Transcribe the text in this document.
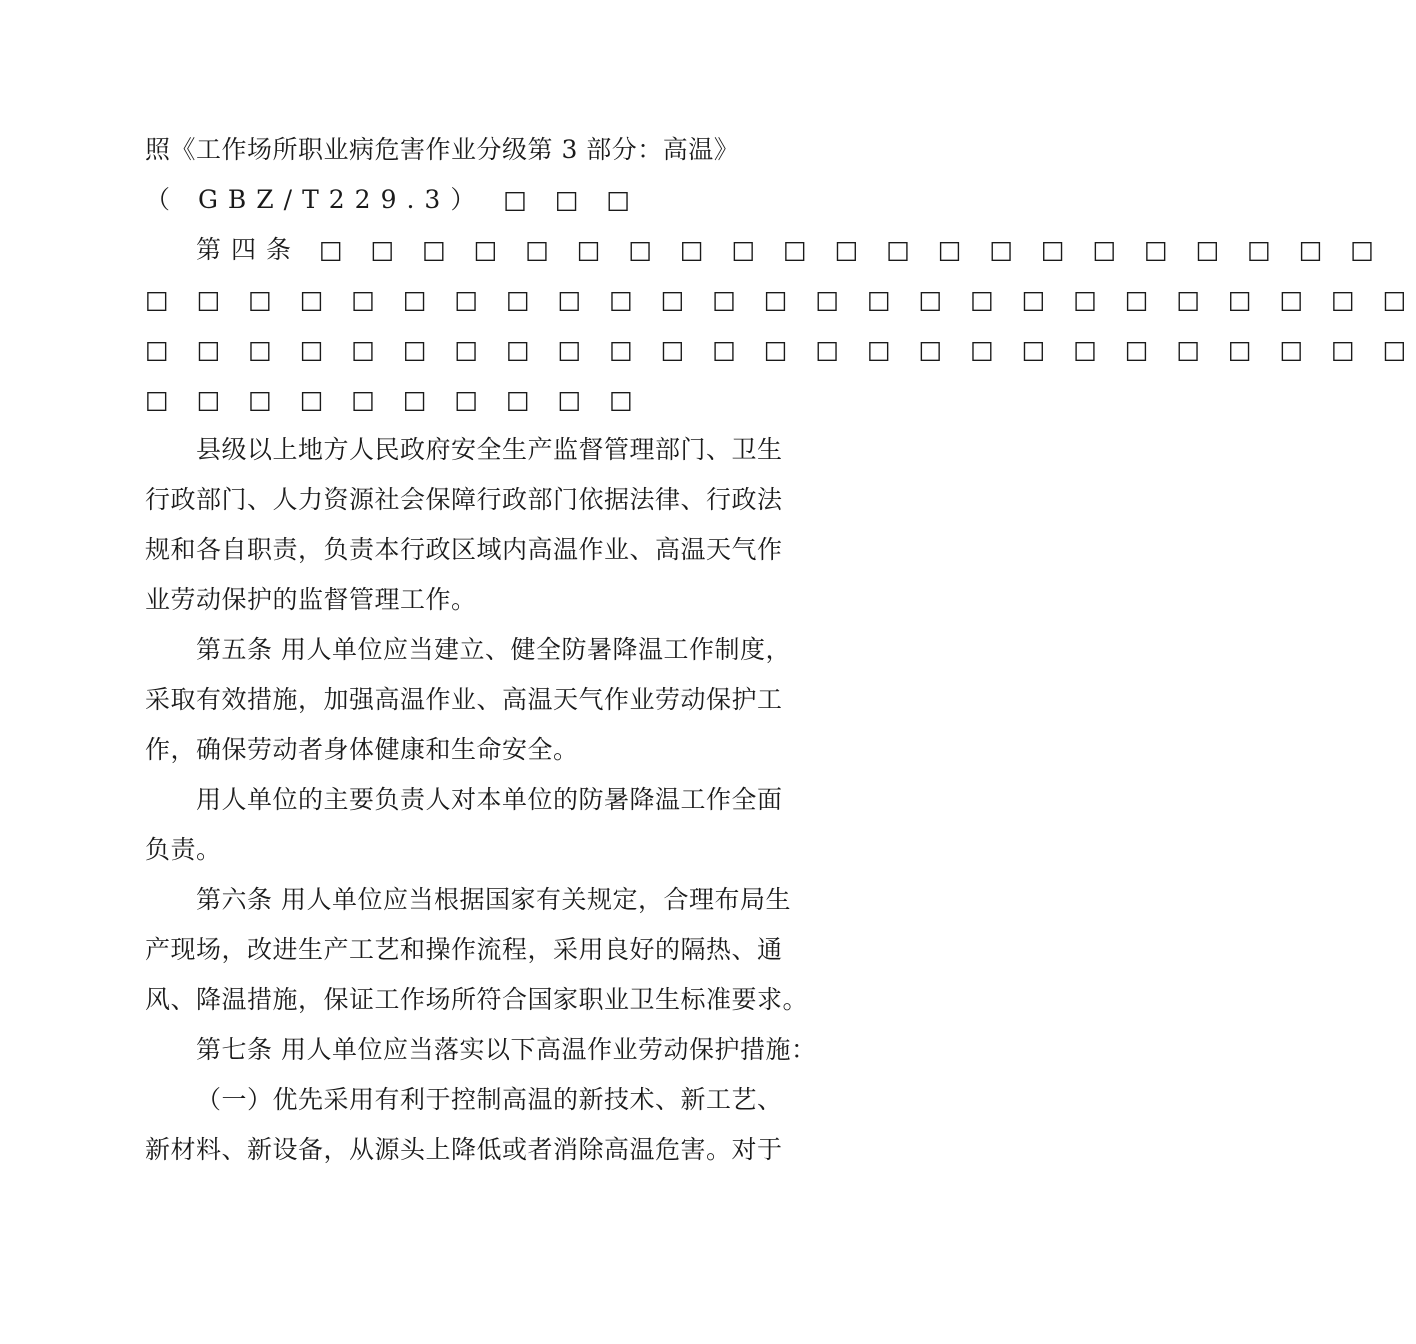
照《工作场所职业病危害作业分级第 3 部分：高温》
（ GBZ/T229.3） □ □ □
第四条 □ □ □ □ □ □ □ □ □ □ □ □ □ □ □ □ □ □ □ □ □
□ □ □ □ □ □ □ □ □ □ □ □ □ □ □ □ □ □ □ □ □ □ □ □ □
□ □ □ □ □ □ □ □ □ □ □ □ □ □ □ □ □ □ □ □ □ □ □ □ □
□ □ □ □ □ □ □ □ □ □
县级以上地方人民政府安全生产监督管理部门、卫生
行政部门、人力资源社会保障行政部门依据法律、行政法
规和各自职责，负责本行政区域内高温作业、高温天气作
业劳动保护的监督管理工作。
第五条 用人单位应当建立、健全防暑降温工作制度，
采取有效措施，加强高温作业、高温天气作业劳动保护工
作，确保劳动者身体健康和生命安全。
用人单位的主要负责人对本单位的防暑降温工作全面
负责。
第六条 用人单位应当根据国家有关规定，合理布局生
产现场，改进生产工艺和操作流程，采用良好的隔热、通
风、降温措施，保证工作场所符合国家职业卫生标准要求。
第七条 用人单位应当落实以下高温作业劳动保护措施：
（一）优先采用有利于控制高温的新技术、新工艺、
新材料、新设备，从源头上降低或者消除高温危害。对于
